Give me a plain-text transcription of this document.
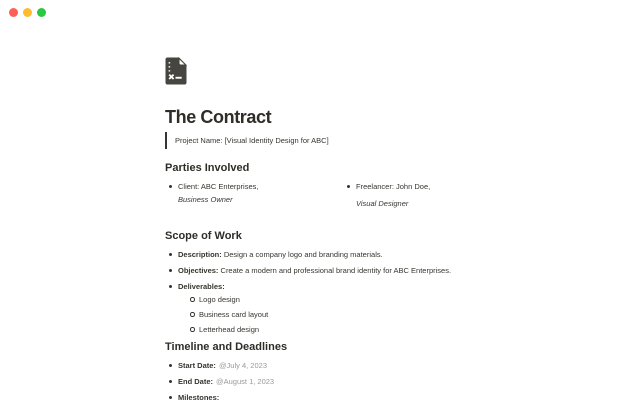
The Contract
Project Name: [Visual Identity Design for ABC]
Parties Involved
Client: ABC Enterprises,
Business Owner
Freelancer: John Doe,
Visual Designer
Scope of Work
Description: Design a company logo and branding materials.
Objectives: Create a modern and professional brand identity for ABC Enterprises.
Deliverables:
Logo design
Business card layout
Letterhead design
Timeline and Deadlines
Start Date: @July 4, 2023
End Date: @August 1, 2023
Milestones:
